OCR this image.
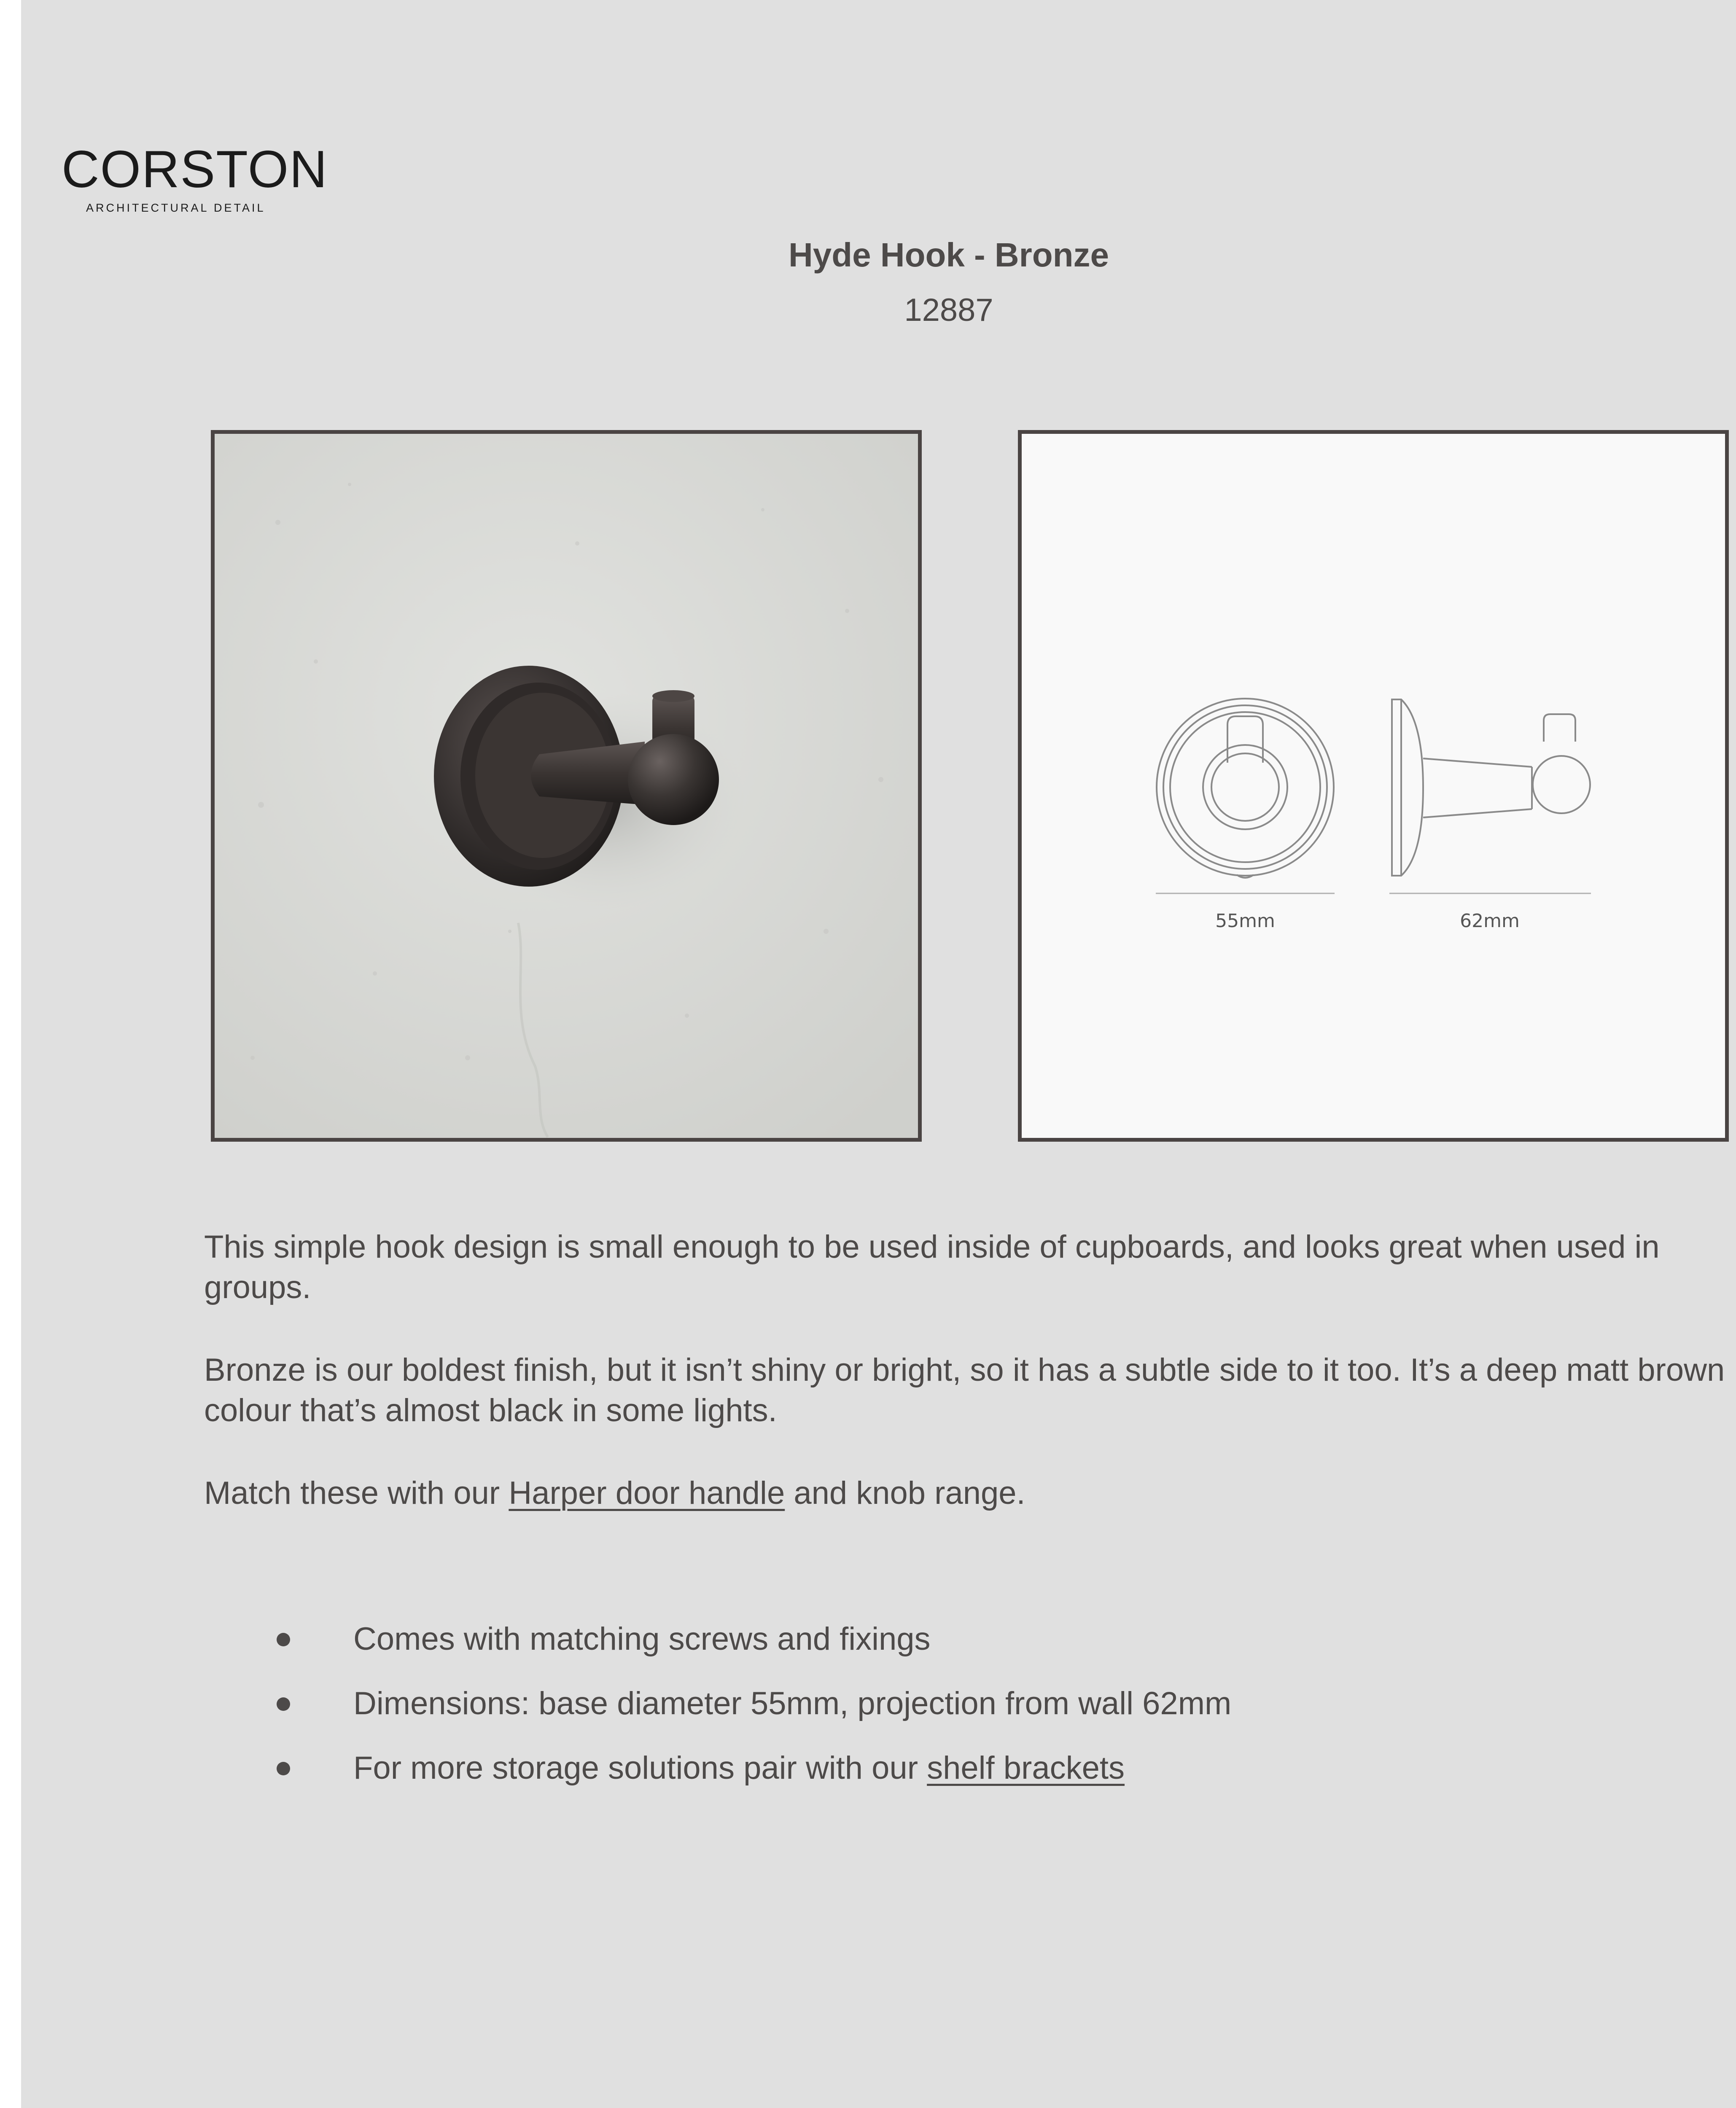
CORSTON
ARCHITECTURAL DETAIL
Hyde Hook - Bronze
12887
55mm	62mm

This simple hook design is small enough to be used inside of cupboards, and looks great when used in groups.

Bronze is our boldest finish, but it isn’t shiny or bright, so it has a subtle side to it too. It’s a deep matt brown colour that’s almost black in some lights.

Match these with our Harper door handle and knob range.

Comes with matching screws and fixings
Dimensions: base diameter 55mm, projection from wall 62mm
For more storage solutions pair with our shelf brackets
